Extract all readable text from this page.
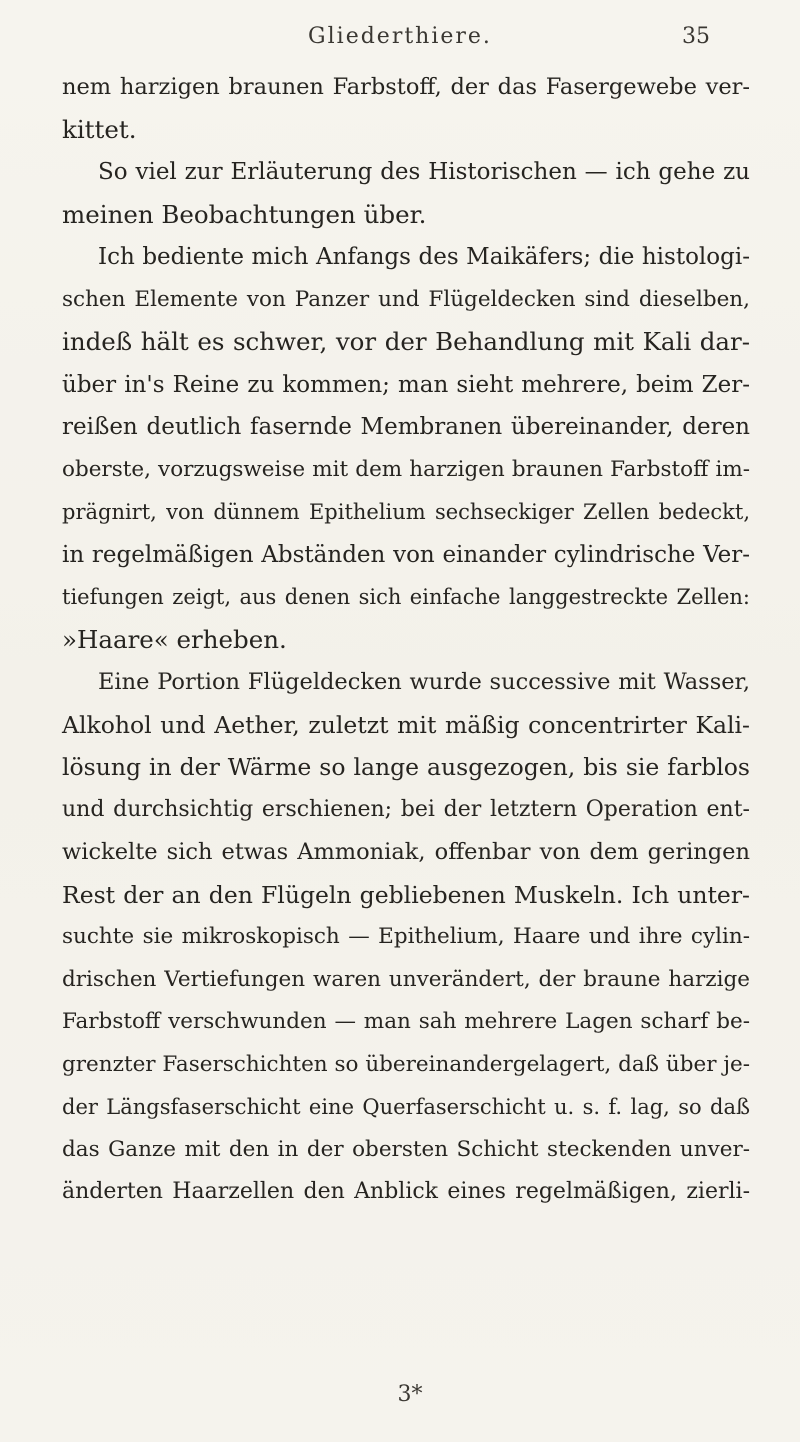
Gliederthiere.	35
nem harzigen braunen Farbstoff, der das Fasergewebe ver-
kittet.
So viel zur Erläuterung des Historischen — ich gehe zu
meinen Beobachtungen über.
Ich bediente mich Anfangs des Maikäfers; die histologi-
schen Elemente von Panzer und Flügeldecken sind dieselben,
indeß hält es schwer, vor der Behandlung mit Kali dar-
über in's Reine zu kommen; man sieht mehrere, beim Zer-
reißen deutlich fasernde Membranen übereinander, deren
oberste, vorzugsweise mit dem harzigen braunen Farbstoff im-
prägnirt, von dünnem Epithelium sechseckiger Zellen bedeckt,
in regelmäßigen Abständen von einander cylindrische Ver-
tiefungen zeigt, aus denen sich einfache langgestreckte Zellen:
»Haare« erheben.
Eine Portion Flügeldecken wurde successive mit Wasser,
Alkohol und Aether, zuletzt mit mäßig concentrirter Kali-
lösung in der Wärme so lange ausgezogen, bis sie farblos
und durchsichtig erschienen; bei der letztern Operation ent-
wickelte sich etwas Ammoniak, offenbar von dem geringen
Rest der an den Flügeln gebliebenen Muskeln. Ich unter-
suchte sie mikroskopisch — Epithelium, Haare und ihre cylin-
drischen Vertiefungen waren unverändert, der braune harzige
Farbstoff verschwunden — man sah mehrere Lagen scharf be-
grenzter Faserschichten so übereinandergelagert, daß über je-
der Längsfaserschicht eine Querfaserschicht u. s. f. lag, so daß
das Ganze mit den in der obersten Schicht steckenden unver-
änderten Haarzellen den Anblick eines regelmäßigen, zierli-
3*
